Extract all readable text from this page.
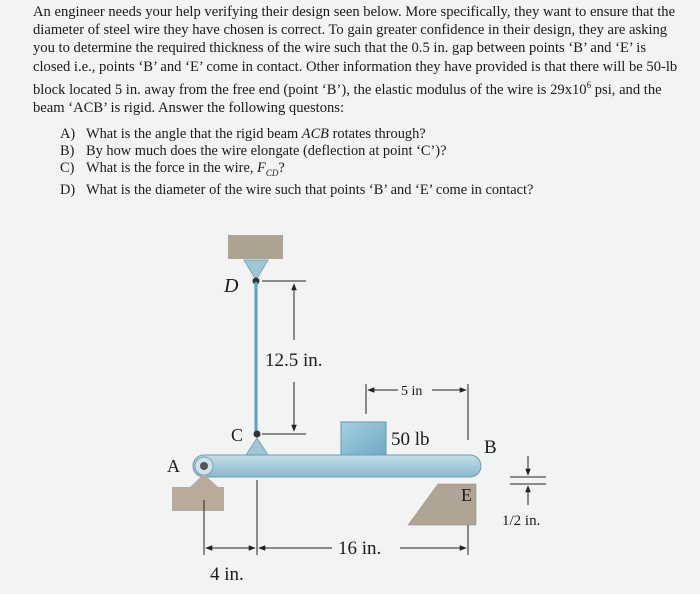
An engineer needs your help verifying their design seen below. More specifically, they want to ensure that the diameter of steel wire they have chosen is correct. To gain greater confidence in their design, they are asking you to determine the required thickness of the wire such that the 0.5 in. gap between points ‘B’ and ‘E’ is closed i.e., points ‘B’ and ‘E’ come in contact. Other information they have provided is that there will be 50-lb block located 5 in. away from the free end (point ‘B’), the elastic modulus of the wire is $29x10^6$ psi, and the beam ‘ACB’ is rigid. Answer the following questons:

A) What is the angle that the rigid beam ACB rotates through?
B) By how much does the wire elongate (deflection at point ‘C’)?
C) What is the force in the wire, $F_{CD}$?
D) What is the diameter of the wire such that points ‘B’ and ‘E’ come in contact?
D
12.5 in.
C
5 in
50 lb
A
B
E
1/2 in.
16 in.
4 in.
